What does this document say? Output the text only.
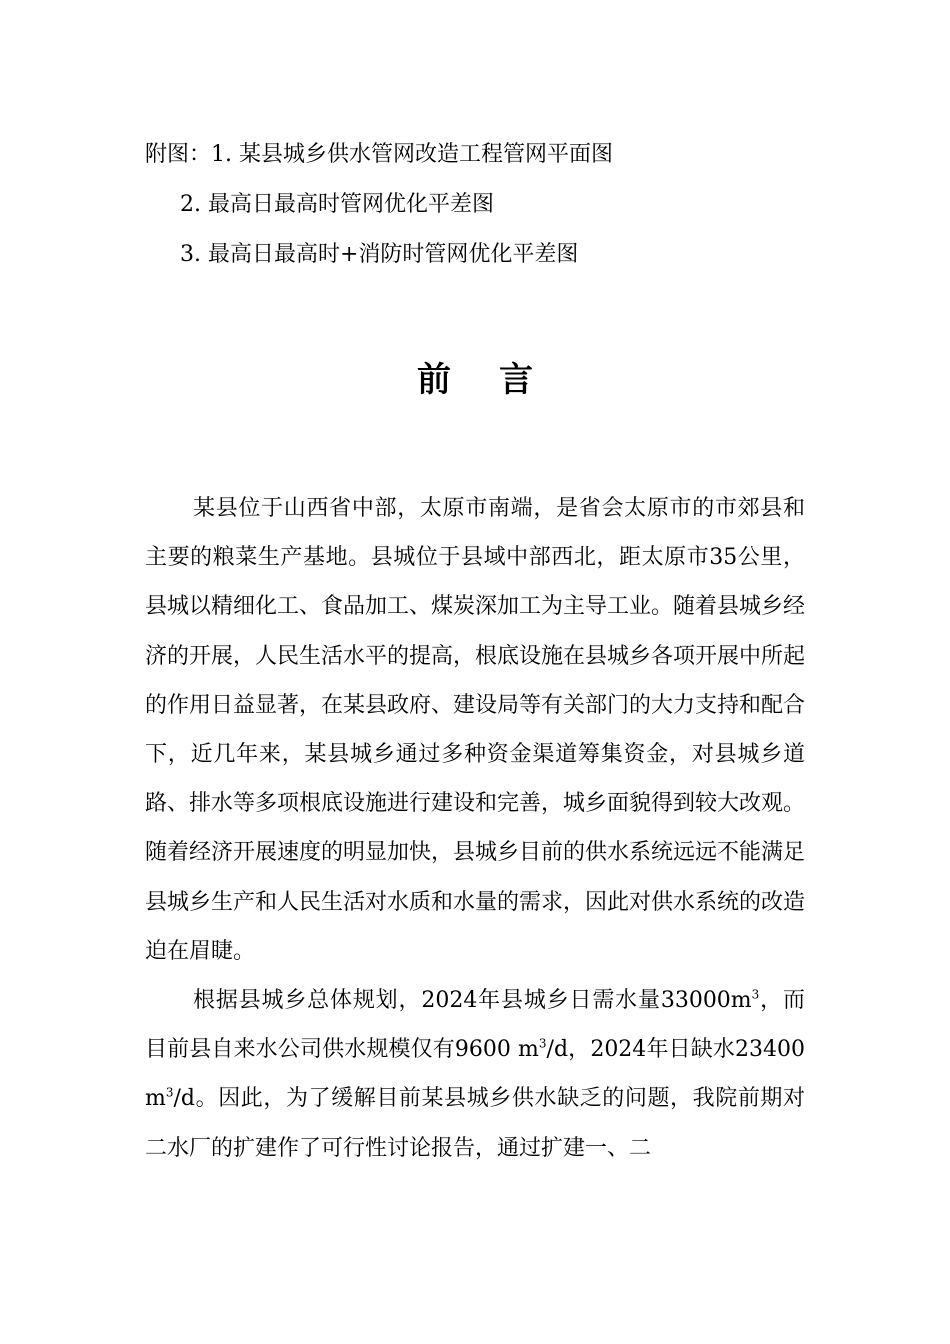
附图：1. 某县城乡供水管网改造工程管网平面图
2. 最高日最高时管网优化平差图
3. 最高日最高时+消防时管网优化平差图
前 言

某县位于山西省中部，太原市南端，是省会太原市的市郊县和主要的粮菜生产基地。县城位于县域中部西北，距太原市35公里，县城以精细化工、食品加工、煤炭深加工为主导工业。随着县城乡经济的开展，人民生活水平的提高，根底设施在县城乡各项开展中所起的作用日益显著，在某县政府、建设局等有关部门的大力支持和配合下，近几年来，某县城乡通过多种资金渠道筹集资金，对县城乡道路、排水等多项根底设施进行建设和完善，城乡面貌得到较大改观。随着经济开展速度的明显加快，县城乡目前的供水系统远远不能满足县城乡生产和人民生活对水质和水量的需求，因此对供水系统的改造迫在眉睫。

根据县城乡总体规划，2024年县城乡日需水量$33000m^3$，而目前县自来水公司供水规模仅有9600 $m^3/d$，2024年日缺水23400 $m^3/d$。因此，为了缓解目前某县城乡供水缺乏的问题，我院前期对二水厂的扩建作了可行性讨论报告，通过扩建一、二
